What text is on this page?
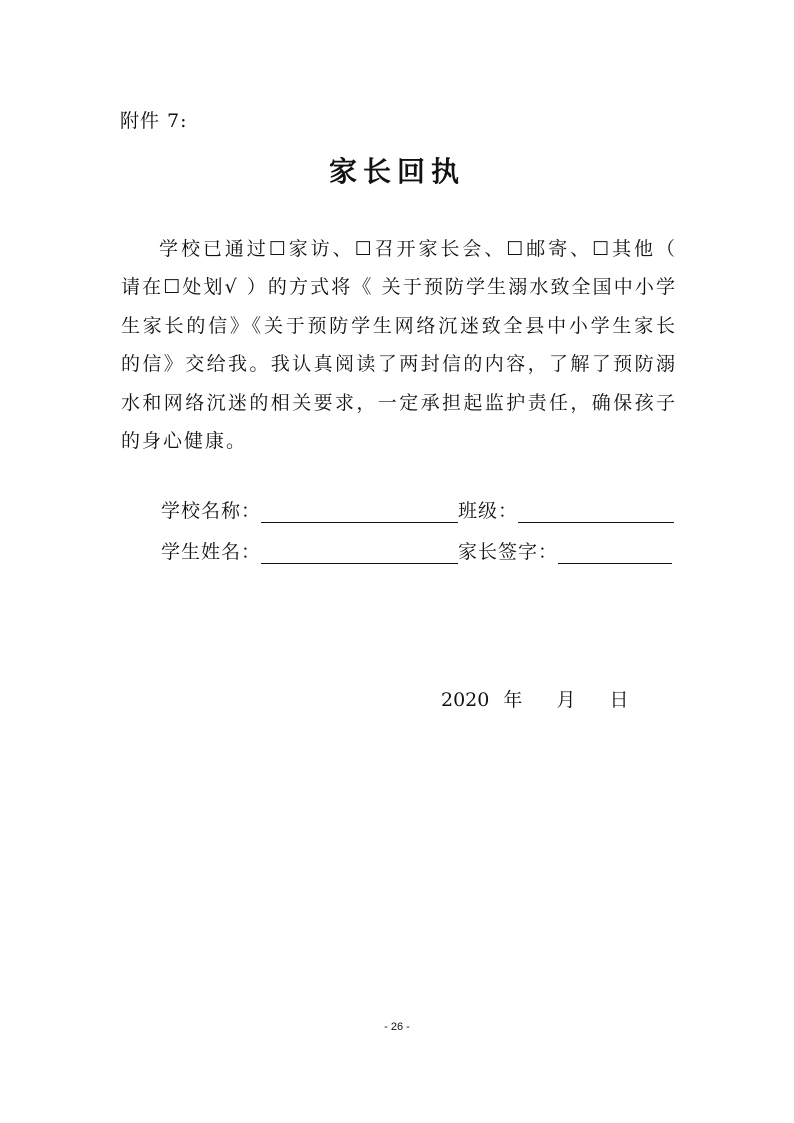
附件 7:
家长回执
学校已通过☐家访、☐召开家长会、☐邮寄、☐其他（ 请在☐处划√ ）的方式将《 关于预防学生溺水致全国中小学生家长的信》《关于预防学生网络沉迷致全县中小学生家长的信》交给我。我认真阅读了两封信的内容，了解了预防溺水和网络沉迷的相关要求，一定承担起监护责任，确保孩子的身心健康。
学校名称：	班级：
学生姓名：	家长签字：
2020 年 月 日
- 26 -
